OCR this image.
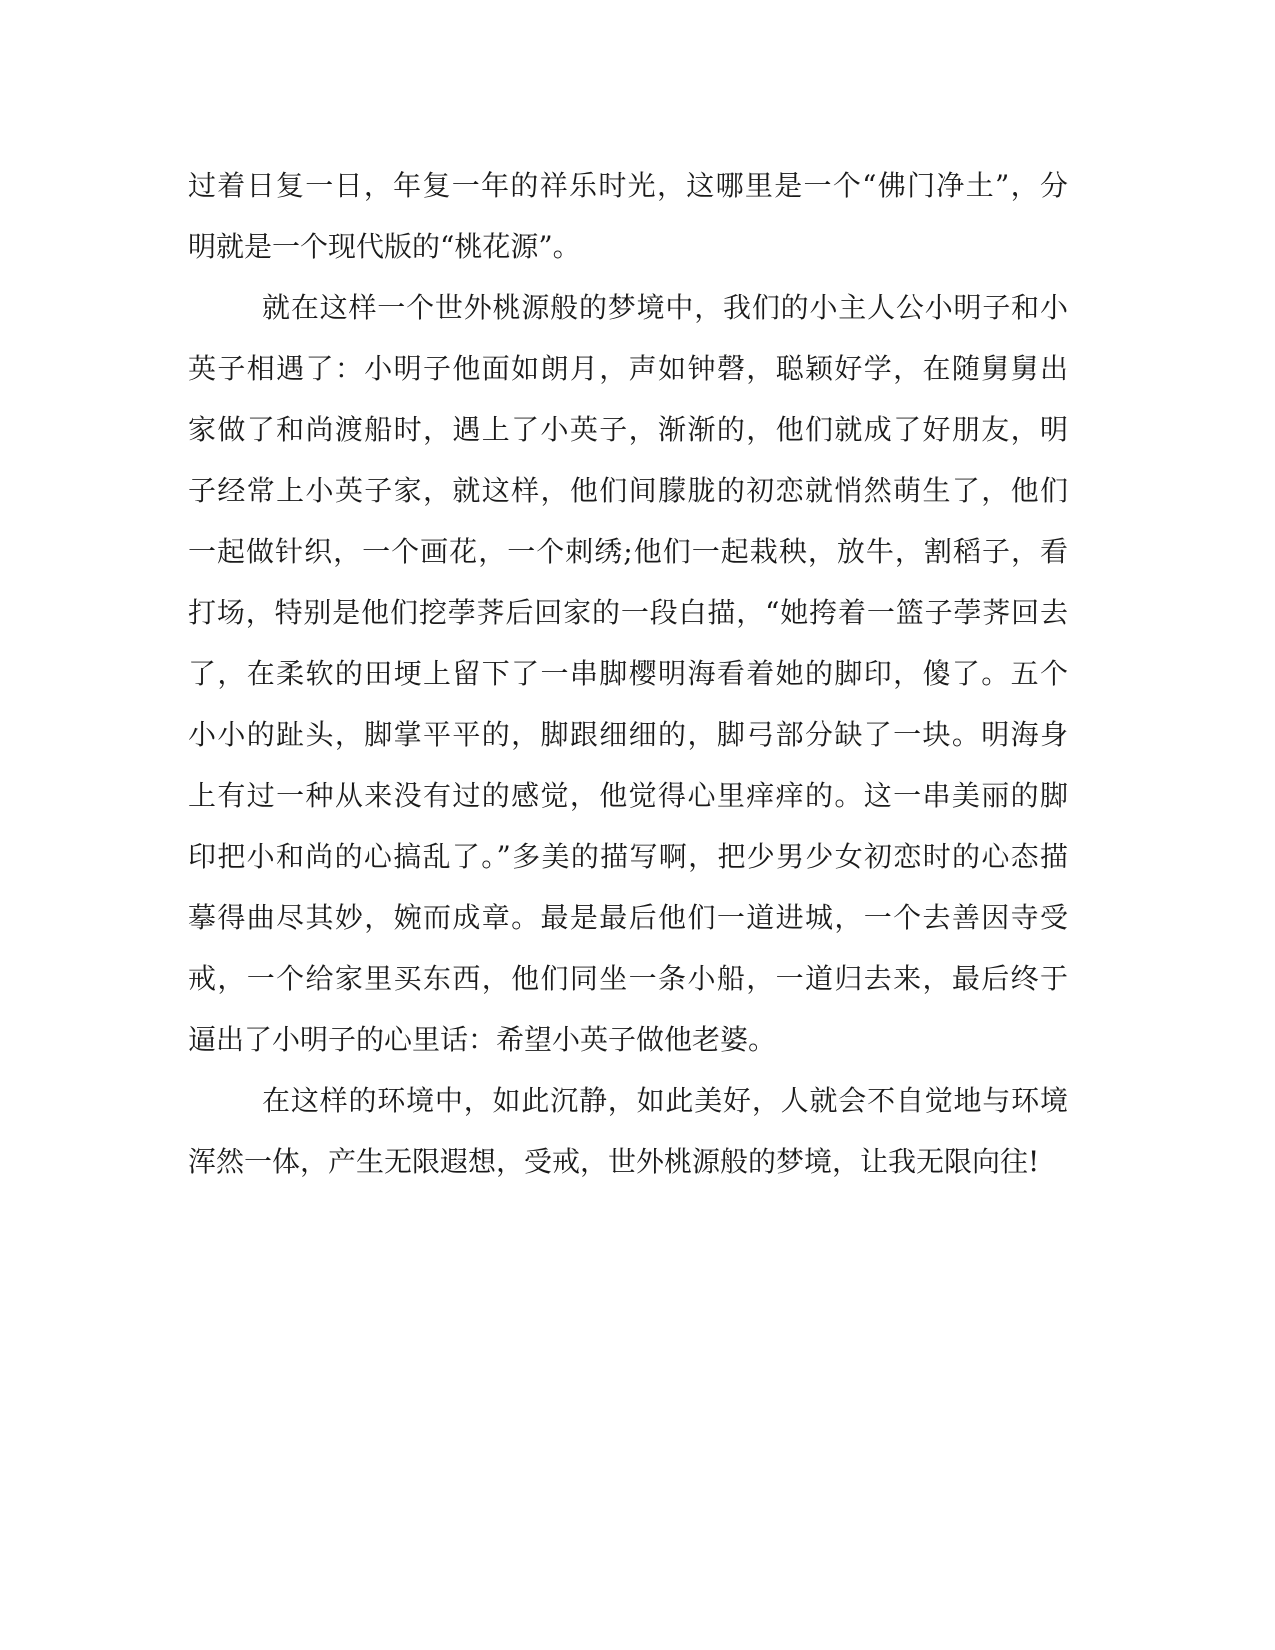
过着日复一日，年复一年的祥乐时光，这哪里是一个“佛门净土”，分
明就是一个现代版的“桃花源”。

就在这样一个世外桃源般的梦境中，我们的小主人公小明子和小
英子相遇了：小明子他面如朗月，声如钟磬，聪颖好学，在随舅舅出
家做了和尚渡船时，遇上了小英子，渐渐的，他们就成了好朋友，明
子经常上小英子家，就这样，他们间朦胧的初恋就悄然萌生了，他们
一起做针织，一个画花，一个刺绣;他们一起栽秧，放牛，割稻子，看
打场，特别是他们挖荸荠后回家的一段白描，“她挎着一篮子荸荠回去
了，在柔软的田埂上留下了一串脚樱明海看着她的脚印，傻了。五个
小小的趾头，脚掌平平的，脚跟细细的，脚弓部分缺了一块。明海身
上有过一种从来没有过的感觉，他觉得心里痒痒的。这一串美丽的脚
印把小和尚的心搞乱了。”多美的描写啊，把少男少女初恋时的心态描
摹得曲尽其妙，婉而成章。最是最后他们一道进城，一个去善因寺受
戒，一个给家里买东西，他们同坐一条小船，一道归去来，最后终于
逼出了小明子的心里话：希望小英子做他老婆。

在这样的环境中，如此沉静，如此美好，人就会不自觉地与环境
浑然一体，产生无限遐想，受戒，世外桃源般的梦境，让我无限向往!
